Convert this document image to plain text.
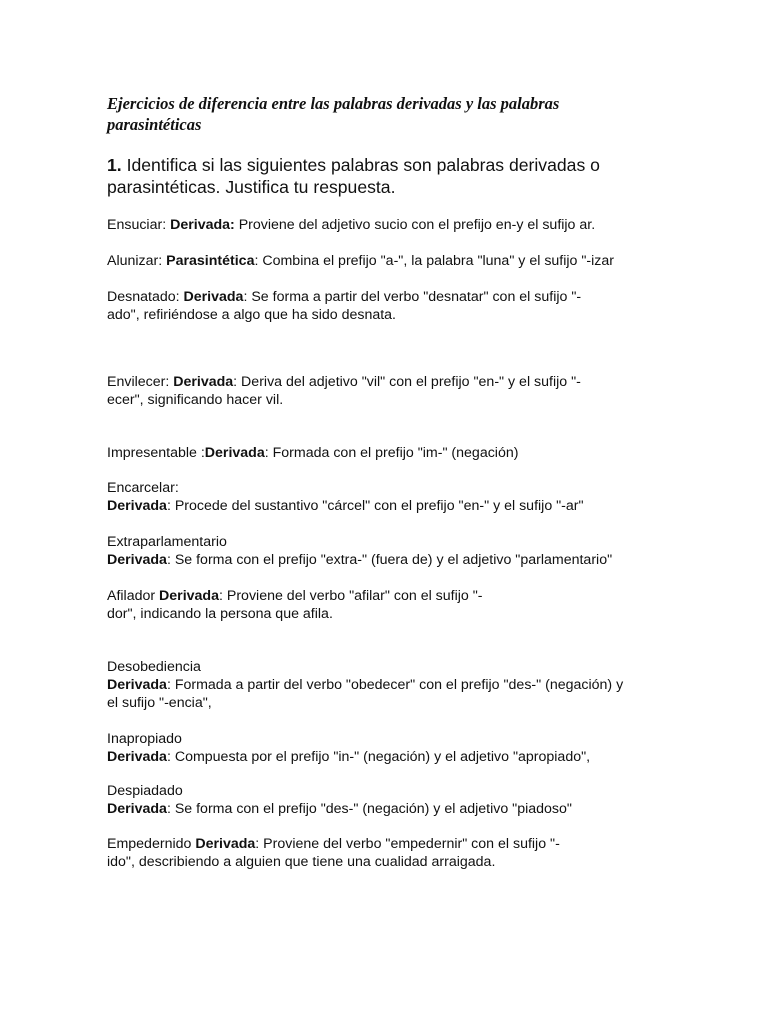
Ejercicios de diferencia entre las palabras derivadas y las palabras
parasintéticas

1. Identifica si las siguientes palabras son palabras derivadas o
parasintéticas. Justifica tu respuesta.

Ensuciar: Derivada: Proviene del adjetivo sucio con el prefijo en-y el sufijo ar.

Alunizar: Parasintética: Combina el prefijo "a-", la palabra "luna" y el sufijo "-izar

Desnatado: Derivada: Se forma a partir del verbo "desnatar" con el sufijo "-
ado", refiriéndose a algo que ha sido desnata.

Envilecer: Derivada: Deriva del adjetivo "vil" con el prefijo "en-" y el sufijo "-
ecer", significando hacer vil.

Impresentable :Derivada: Formada con el prefijo "im-" (negación)

Encarcelar:
Derivada: Procede del sustantivo "cárcel" con el prefijo "en-" y el sufijo "-ar"

Extraparlamentario
Derivada: Se forma con el prefijo "extra-" (fuera de) y el adjetivo "parlamentario"

Afilador Derivada: Proviene del verbo "afilar" con el sufijo "-
dor", indicando la persona que afila.

Desobediencia
Derivada: Formada a partir del verbo "obedecer" con el prefijo "des-" (negación) y
el sufijo "-encia",

Inapropiado
Derivada: Compuesta por el prefijo "in-" (negación) y el adjetivo "apropiado",

Despiadado
Derivada: Se forma con el prefijo "des-" (negación) y el adjetivo "piadoso"

Empedernido Derivada: Proviene del verbo "empedernir" con el sufijo "-
ido", describiendo a alguien que tiene una cualidad arraigada.
